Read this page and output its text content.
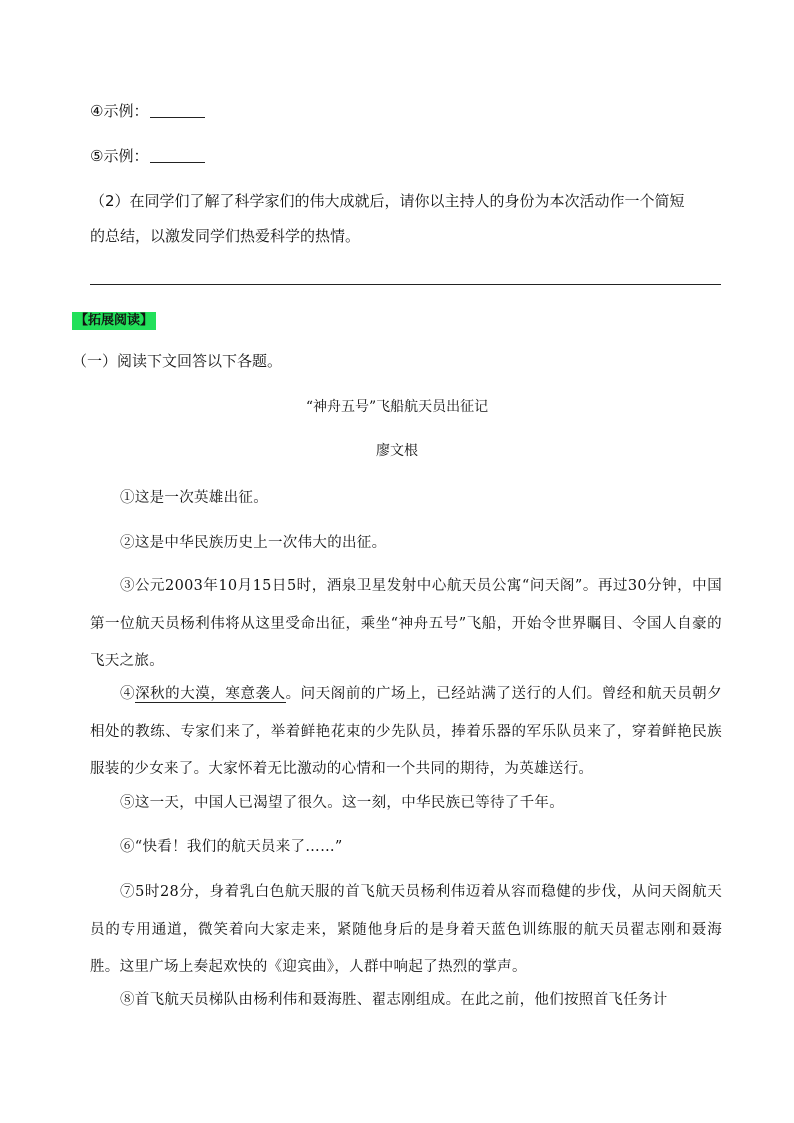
④示例：
⑤示例：
（2）在同学们了解了科学家们的伟大成就后，请你以主持人的身份为本次活动作一个简短
的总结，以激发同学们热爱科学的热情。
【拓展阅读】
（一）阅读下文回答以下各题。
“神舟五号”飞船航天员出征记
廖文根
①这是一次英雄出征。
②这是中华民族历史上一次伟大的出征。
③公元2003年10月15日5时，酒泉卫星发射中心航天员公寓“问天阁”。再过30分钟，中国第一位航天员杨利伟将从这里受命出征，乘坐“神舟五号”飞船，开始令世界瞩目、令国人自豪的飞天之旅。
④深秋的大漠，寒意袭人。问天阁前的广场上，已经站满了送行的人们。曾经和航天员朝夕相处的教练、专家们来了，举着鲜艳花束的少先队员，捧着乐器的军乐队员来了，穿着鲜艳民族服装的少女来了。大家怀着无比激动的心情和一个共同的期待，为英雄送行。
⑤这一天，中国人已渴望了很久。这一刻，中华民族已等待了千年。
⑥“快看！我们的航天员来了……”
⑦5时28分，身着乳白色航天服的首飞航天员杨利伟迈着从容而稳健的步伐，从问天阁航天员的专用通道，微笑着向大家走来，紧随他身后的是身着天蓝色训练服的航天员翟志刚和聂海胜。这里广场上奏起欢快的《迎宾曲》，人群中响起了热烈的掌声。
⑧首飞航天员梯队由杨利伟和聂海胜、翟志刚组成。在此之前，他们按照首飞任务计
